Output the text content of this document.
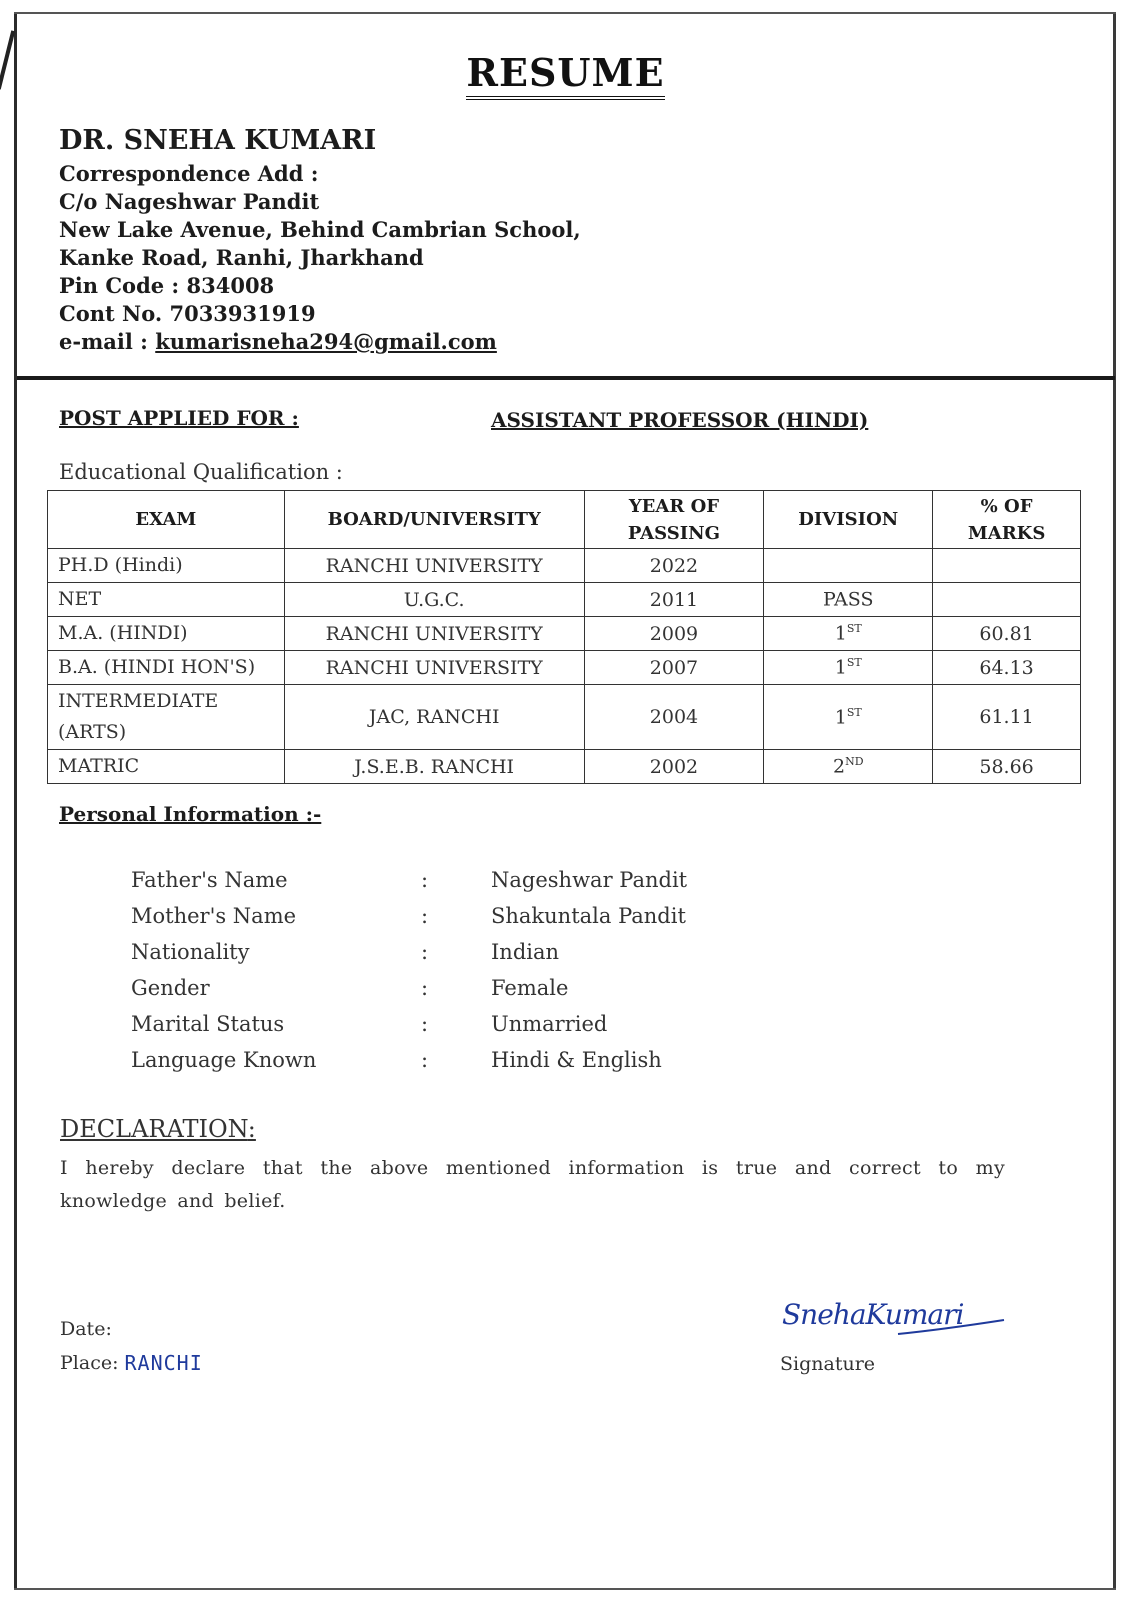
RESUME
DR. SNEHA KUMARI
Correspondence Add :
C/o Nageshwar Pandit
New Lake Avenue, Behind Cambrian School,
Kanke Road, Ranhi, Jharkhand
Pin Code : 834008
Cont No. 7033931919
e-mail : kumarisneha294@gmail.com
POST APPLIED FOR :	ASSISTANT PROFESSOR (HINDI)
Educational Qualification :
EXAM	BOARD/UNIVERSITY	YEAR OF PASSING	DIVISION	% OF MARKS
PH.D (Hindi)	RANCHI UNIVERSITY	2022		
NET	U.G.C.	2011	PASS	
M.A. (HINDI)	RANCHI UNIVERSITY	2009	1ST	60.81
B.A. (HINDI HON'S)	RANCHI UNIVERSITY	2007	1ST	64.13
INTERMEDIATE (ARTS)	JAC, RANCHI	2004	1ST	61.11
MATRIC	J.S.E.B. RANCHI	2002	2ND	58.66
Personal Information :-
Father's Name	:	Nageshwar Pandit
Mother's Name	:	Shakuntala Pandit
Nationality	:	Indian
Gender	:	Female
Marital Status	:	Unmarried
Language Known	:	Hindi & English
DECLARATION:
I hereby declare that the above mentioned information is true and correct to my knowledge and belief.
Date:
Place: RANCHI
SnehaKumari
Signature
